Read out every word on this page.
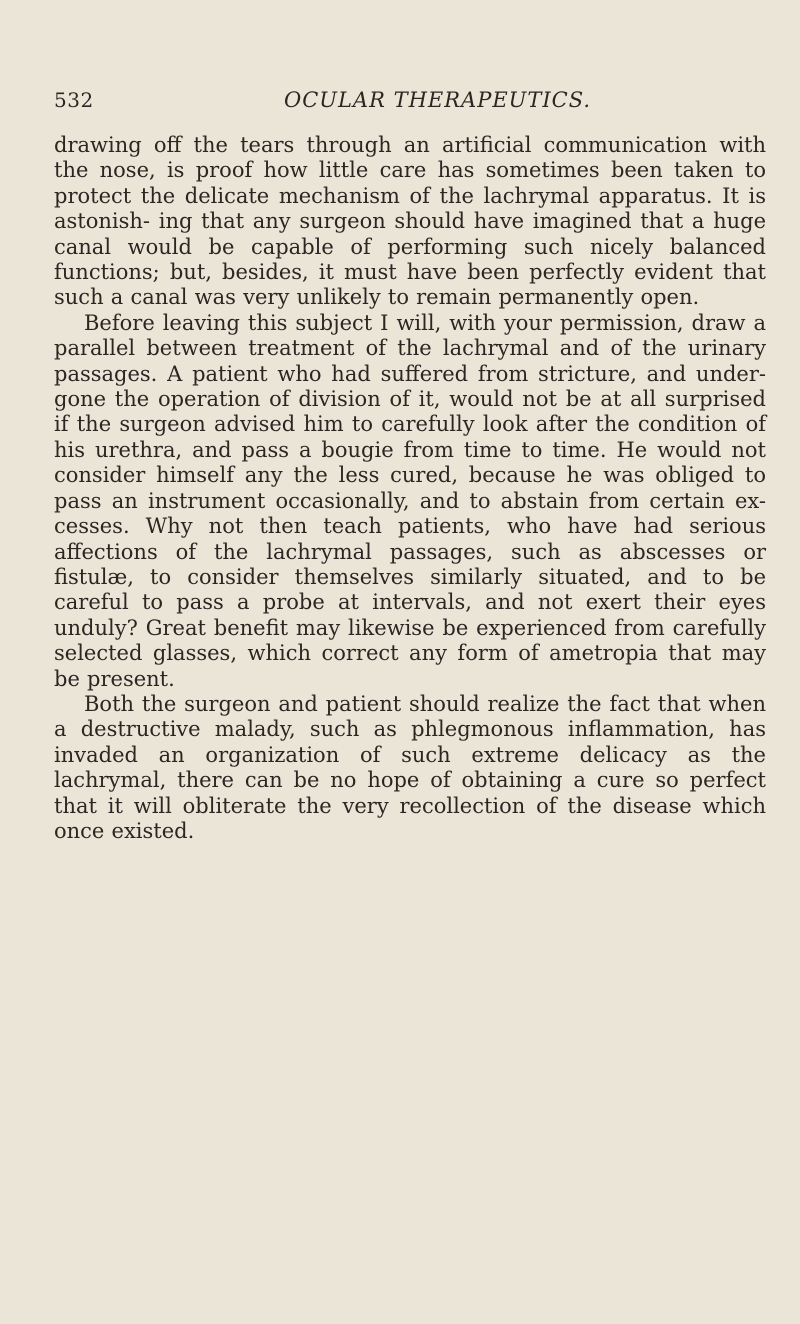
532	OCULAR THERAPEUTICS.

drawing off the tears through an artificial communication with the nose, is proof how little care has sometimes been taken to protect the delicate mechanism of the lachrymal apparatus. It is astonish- ing that any surgeon should have imagined that a huge canal would be capable of performing such nicely balanced functions; but, besides, it must have been perfectly evident that such a canal was very unlikely to remain permanently open.

Before leaving this subject I will, with your permission, draw a parallel between treatment of the lachrymal and of the urinary passages. A patient who had suffered from stricture, and under- gone the operation of division of it, would not be at all surprised if the surgeon advised him to carefully look after the condition of his urethra, and pass a bougie from time to time. He would not consider himself any the less cured, because he was obliged to pass an instrument occasionally, and to abstain from certain ex- cesses. Why not then teach patients, who have had serious affections of the lachrymal passages, such as abscesses or fistulæ, to consider themselves similarly situated, and to be careful to pass a probe at intervals, and not exert their eyes unduly? Great benefit may likewise be experienced from carefully selected glasses, which correct any form of ametropia that may be present.

Both the surgeon and patient should realize the fact that when a destructive malady, such as phlegmonous inflammation, has invaded an organization of such extreme delicacy as the lachrymal, there can be no hope of obtaining a cure so perfect that it will obliterate the very recollection of the disease which once existed.
